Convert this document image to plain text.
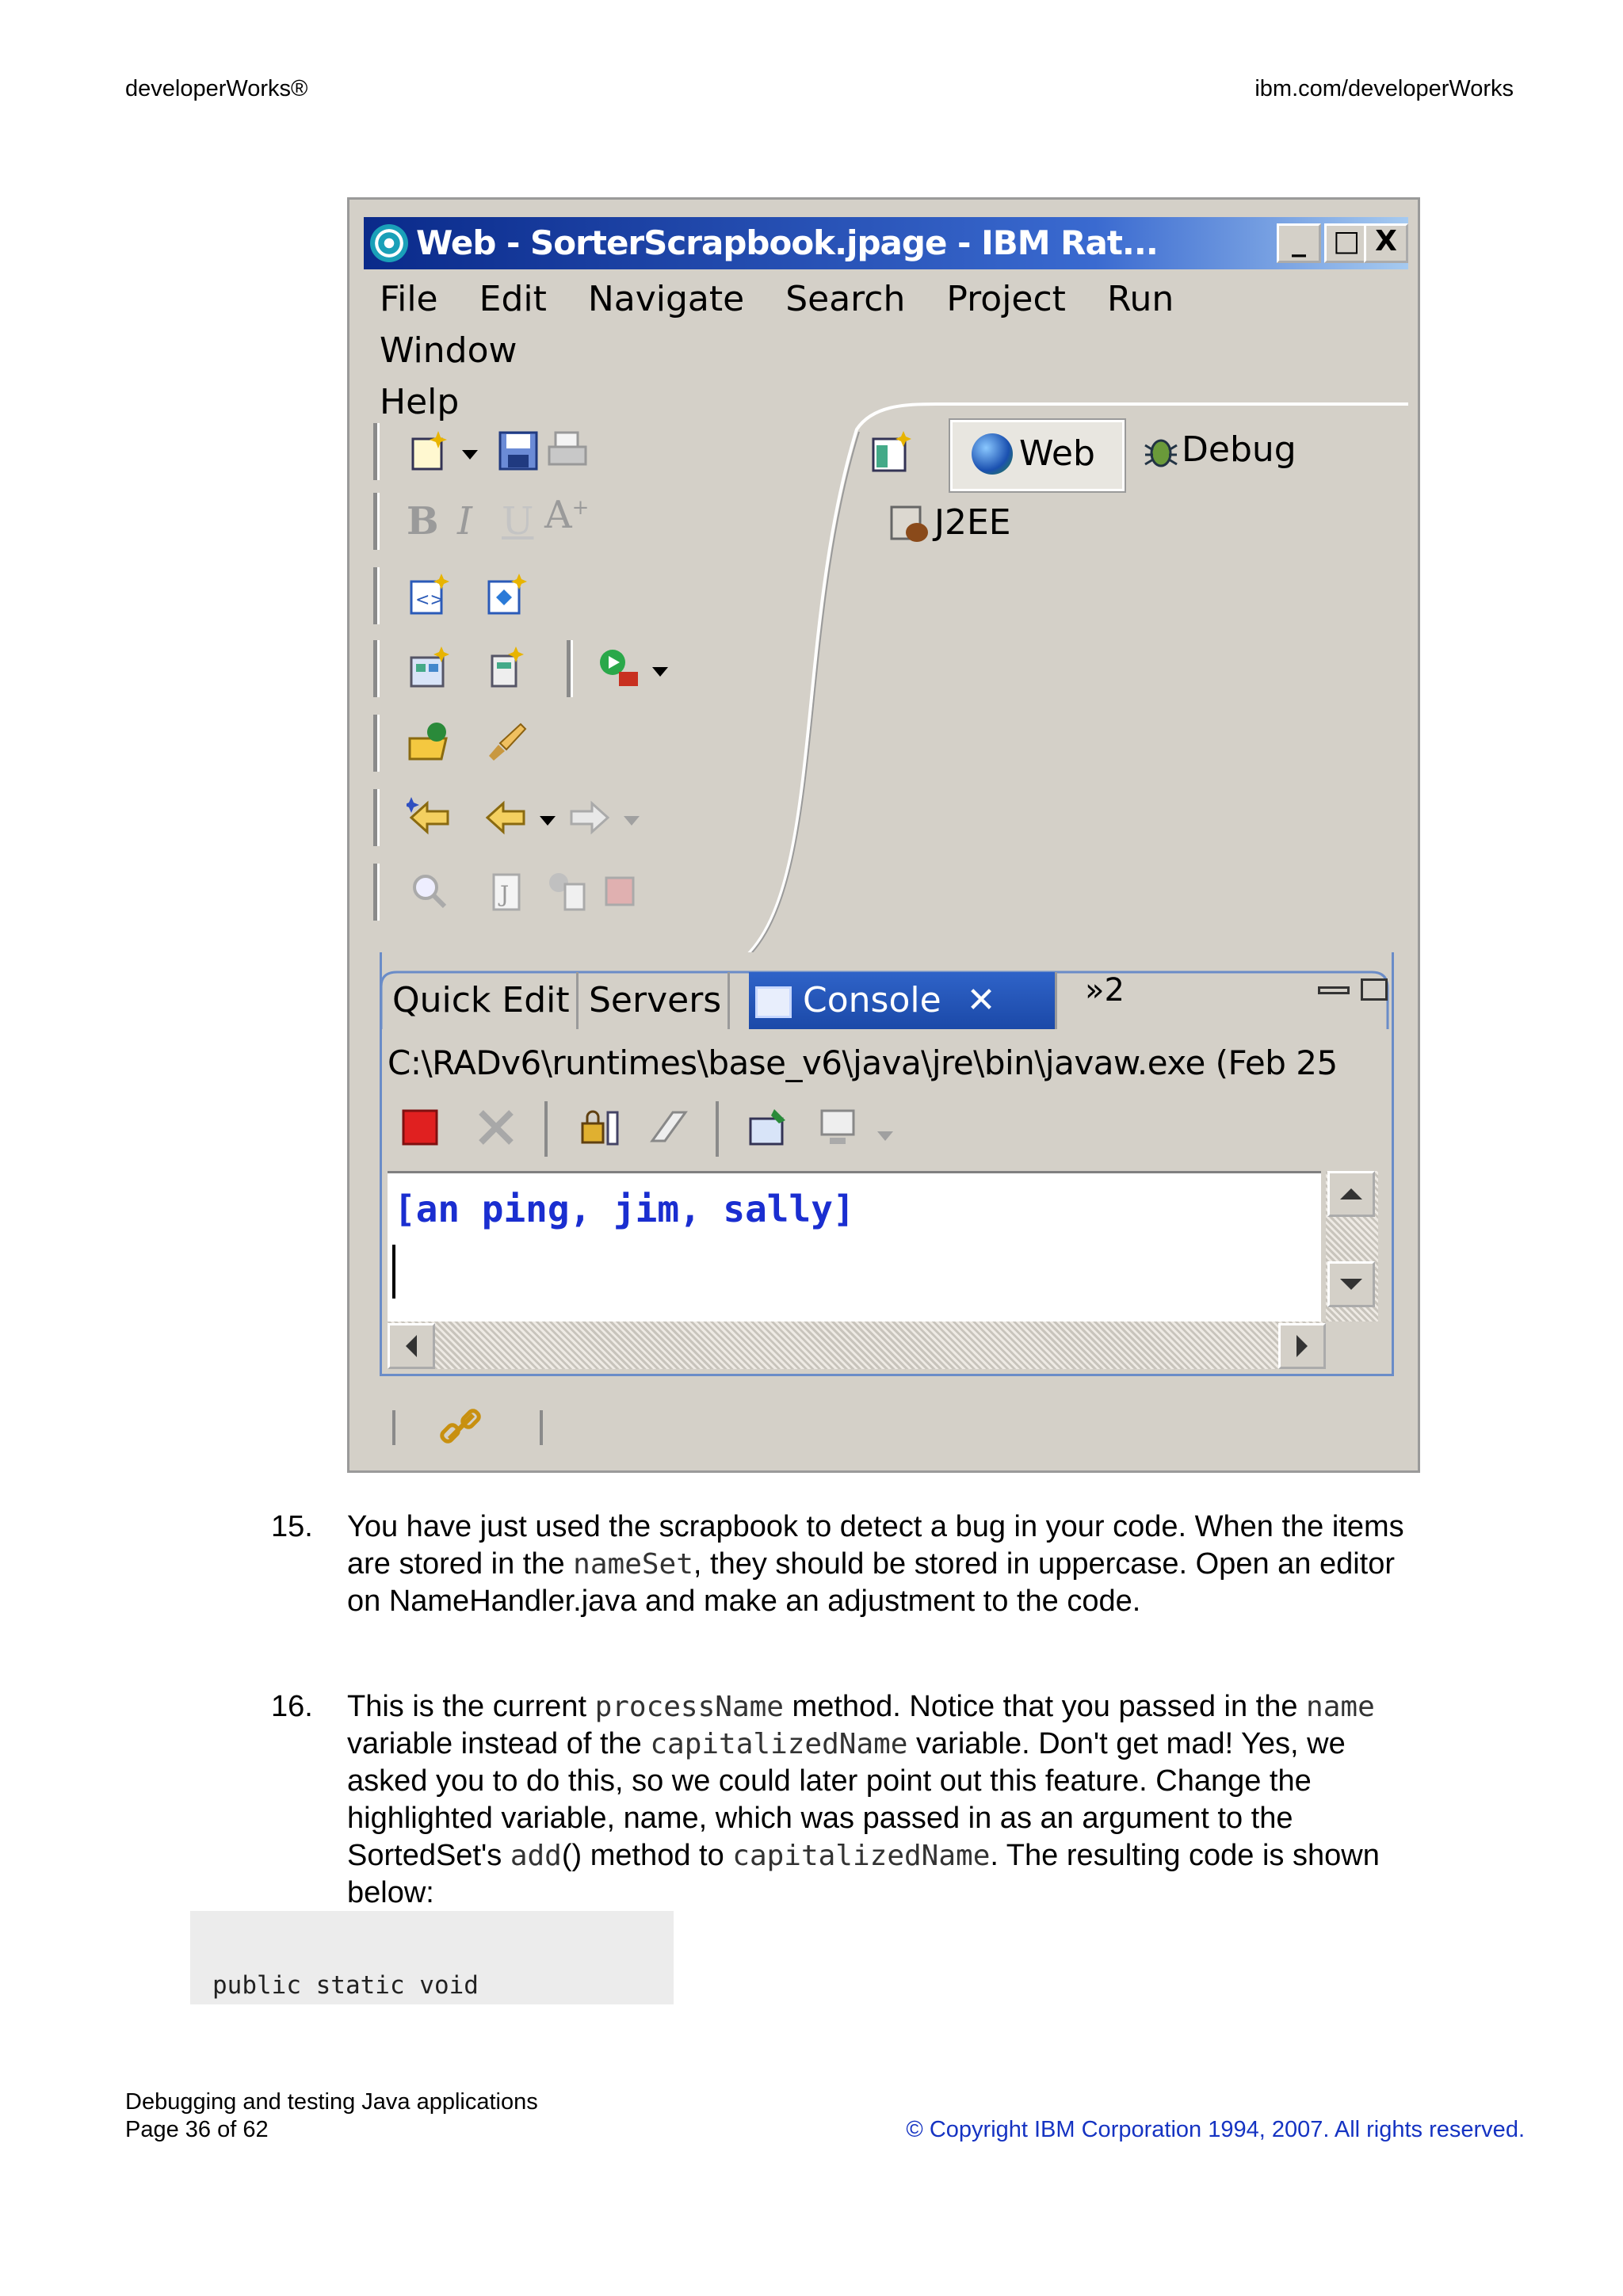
developerWorks®	ibm.com/developerWorks
Web - SorterScrapbook.jpage - IBM Rat...	_ □ X
File Edit Navigate Search Project RunWindow
Help
B I U A+
<>
J
Web	Debug
J2EE
Quick Edit Servers	Console ✕	»2
C:\RADv6\runtimes\base_v6\java\jre\bin\javaw.exe (Feb 25
[an ping, jim, sally]
15. You have just used the scrapbook to detect a bug in your code. When the items are stored in the nameSet, they should be stored in uppercase. Open an editor on NameHandler.java and make an adjustment to the code.
16. This is the current processName method. Notice that you passed in the name variable instead of the capitalizedName variable. Don't get mad! Yes, we asked you to do this, so we could later point out this feature. Change the highlighted variable, name, which was passed in as an argument to the SortedSet's add() method to capitalizedName. The resulting code is shown below:
public static void
Debugging and testing Java applications
Page 36 of 62	© Copyright IBM Corporation 1994, 2007. All rights reserved.
